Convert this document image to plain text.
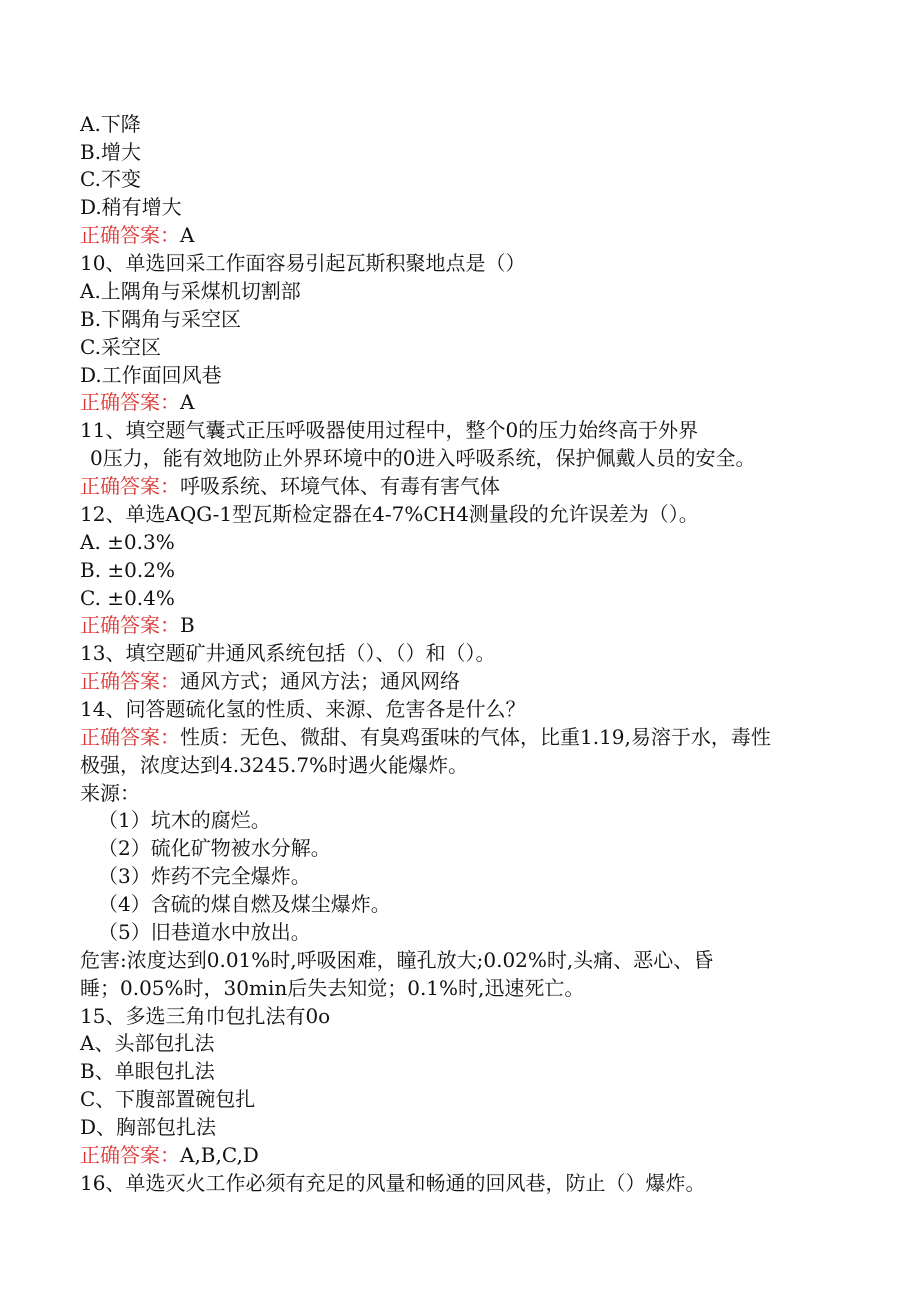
A.下降
B.增大
C.不变
D.稍有增大
正确答案：A
10、单选回采工作面容易引起瓦斯积聚地点是（）
A.上隅角与采煤机切割部
B.下隅角与采空区
C.采空区
D.工作面回风巷
正确答案：A
11、填空题气囊式正压呼吸器使用过程中，整个0的压力始终高于外界
0压力，能有效地防止外界环境中的0进入呼吸系统，保护佩戴人员的安全。
正确答案：呼吸系统、环境气体、有毒有害气体
12、单选AQG-1型瓦斯检定器在4-7%CH4测量段的允许误差为（）。
A. ±0.3%
B. ±0.2%
C. ±0.4%
正确答案：B
13、填空题矿井通风系统包括（）、（）和（）。
正确答案：通风方式；通风方法；通风网络
14、问答题硫化氢的性质、来源、危害各是什么？
正确答案：性质：无色、微甜、有臭鸡蛋味的气体，比重1.19,易溶于水，毒性
极强，浓度达到4.3245.7%时遇火能爆炸。
来源：
（1）坑木的腐烂。
（2）硫化矿物被水分解。
（3）炸药不完全爆炸。
（4）含硫的煤自燃及煤尘爆炸。
（5）旧巷道水中放出。
危害:浓度达到0.01%时,呼吸困难，瞳孔放大;0.02%时,头痛、恶心、昏
睡；0.05%时，30min后失去知觉；0.1%时,迅速死亡。
15、多选三角巾包扎法有0o
A、头部包扎法
B、单眼包扎法
C、下腹部置碗包扎
D、胸部包扎法
正确答案：A,B,C,D
16、单选灭火工作必须有充足的风量和畅通的回风巷，防止（）爆炸。
